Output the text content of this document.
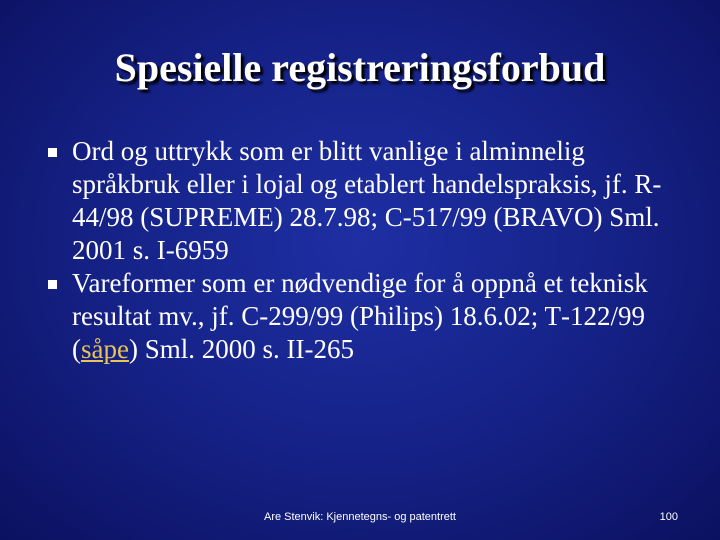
Spesielle registreringsforbud
Ord og uttrykk som er blitt vanlige i alminnelig språkbruk eller i lojal og etablert handelspraksis, jf. R-44/98 (SUPREME) 28.7.98; C-517/99 (BRAVO) Sml. 2001 s. I-6959
Vareformer som er nødvendige for å oppnå et teknisk resultat mv., jf. C‑299/99 (Philips) 18.6.02; T‑122/99 (såpe) Sml. 2000 s. II-265
Are Stenvik: Kjennetegns- og patentrett	100
